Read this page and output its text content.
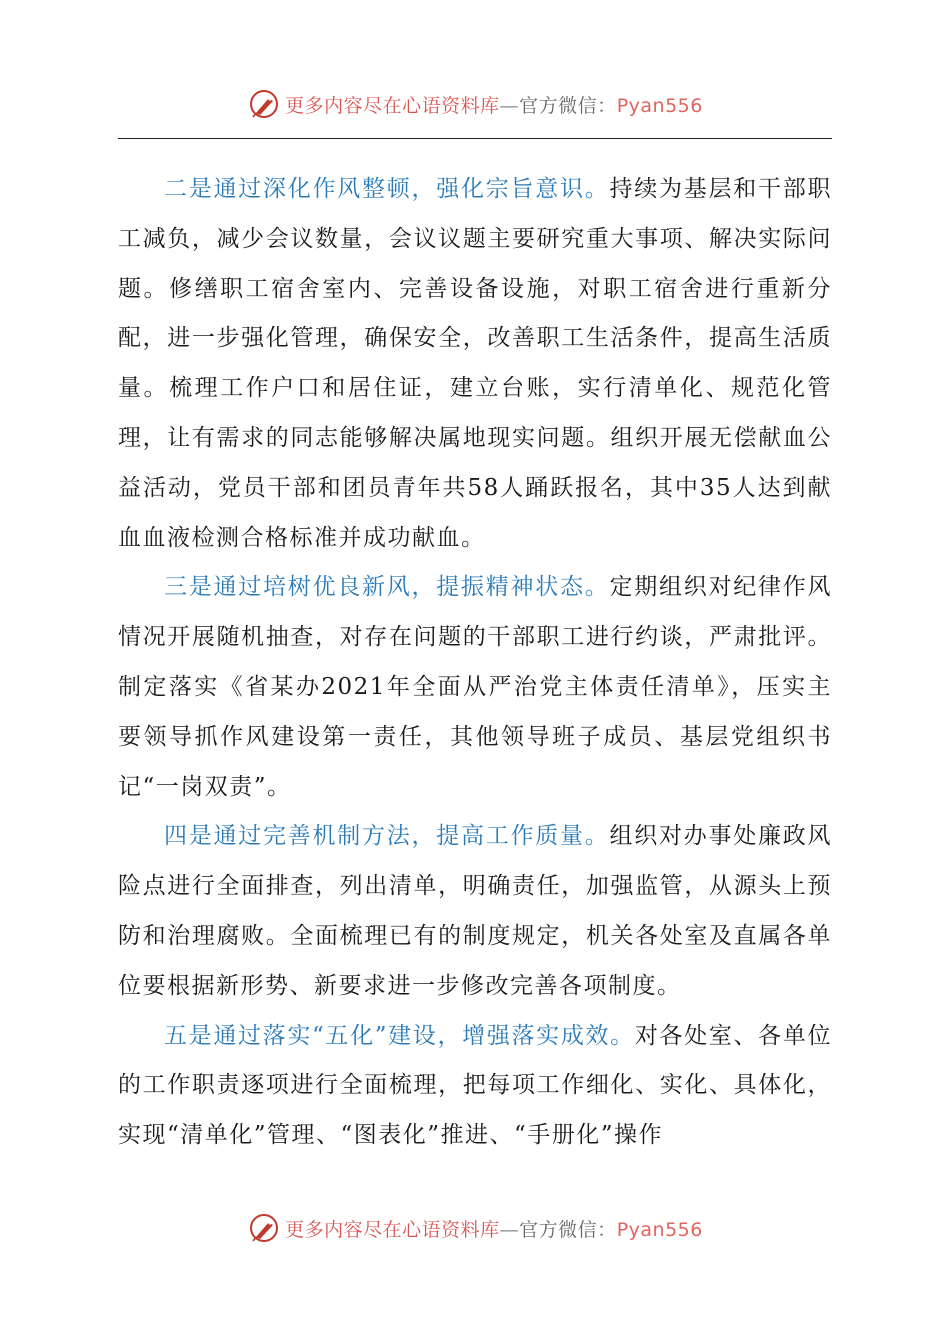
更多内容尽在心语资料库—官方微信：Pyan556

二是通过深化作风整顿，强化宗旨意识。持续为基层和干部职工减负，减少会议数量，会议议题主要研究重大事项、解决实际问题。修缮职工宿舍室内、完善设备设施，对职工宿舍进行重新分配，进一步强化管理，确保安全，改善职工生活条件，提高生活质量。梳理工作户口和居住证，建立台账，实行清单化、规范化管理，让有需求的同志能够解决属地现实问题。组织开展无偿献血公益活动，党员干部和团员青年共58人踊跃报名，其中35人达到献血血液检测合格标准并成功献血。

三是通过培树优良新风，提振精神状态。定期组织对纪律作风情况开展随机抽查，对存在问题的干部职工进行约谈，严肃批评。制定落实《省某办2021年全面从严治党主体责任清单》，压实主要领导抓作风建设第一责任，其他领导班子成员、基层党组织书记“一岗双责”。

四是通过完善机制方法，提高工作质量。组织对办事处廉政风险点进行全面排查，列出清单，明确责任，加强监管，从源头上预防和治理腐败。全面梳理已有的制度规定，机关各处室及直属各单位要根据新形势、新要求进一步修改完善各项制度。

五是通过落实“五化”建设，增强落实成效。对各处室、各单位的工作职责逐项进行全面梳理，把每项工作细化、实化、具体化，实现“清单化”管理、“图表化”推进、“手册化”操作

更多内容尽在心语资料库—官方微信：Pyan556
